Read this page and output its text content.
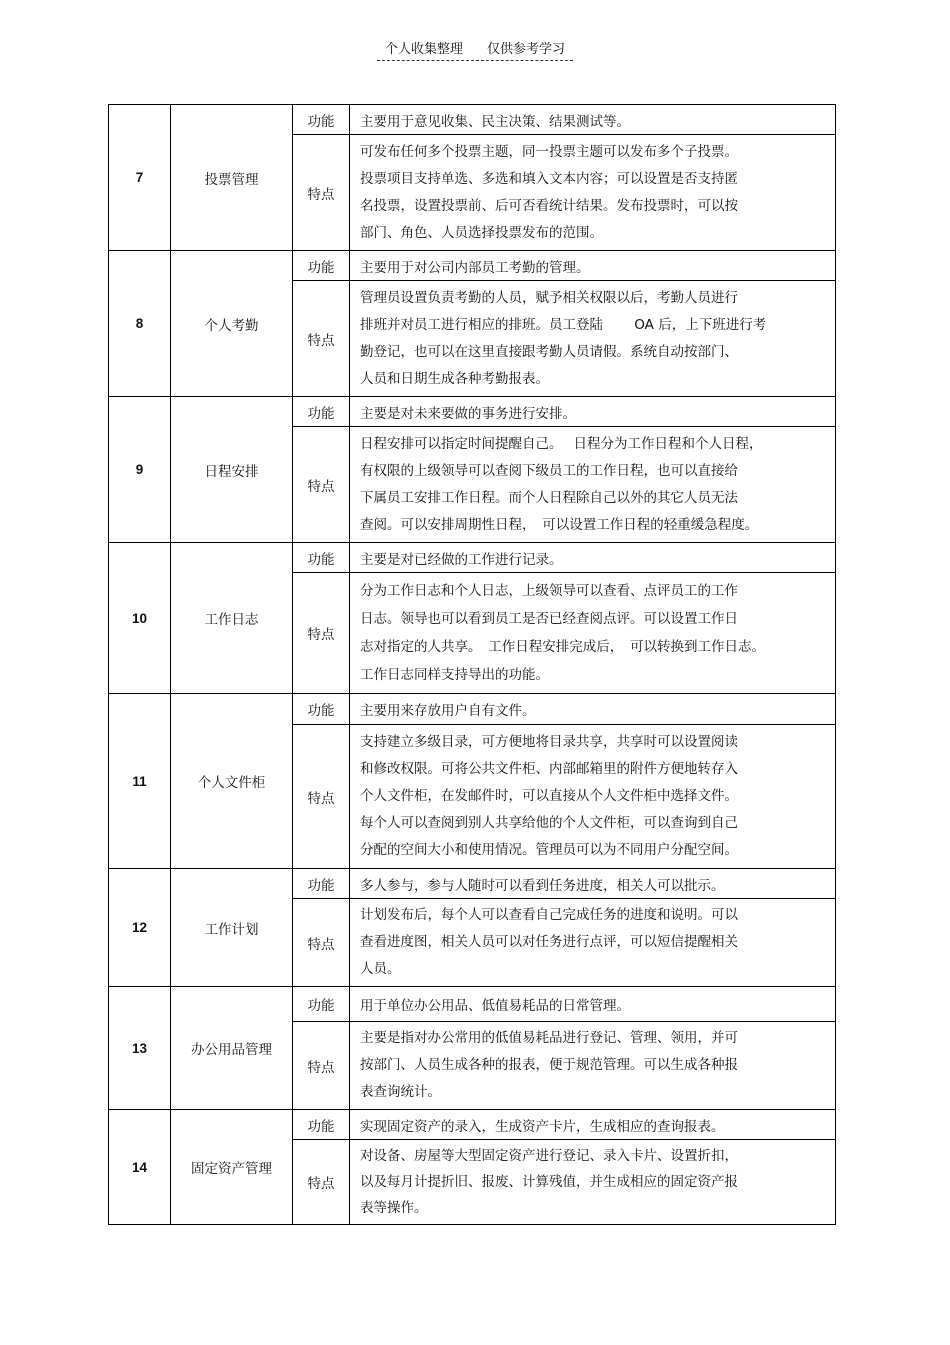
个人收集整理 仅供参考学习
7	投票管理	功能	主要用于意见收集、民主决策、结果测试等。
		特点	可发布任何多个投票主题，同一投票主题可以发布多个子投票。
投票项目支持单选、多选和填入文本内容；可以设置是否支持匿
名投票，设置投票前、后可否看统计结果。发布投票时，可以按
部门、角色、人员选择投票发布的范围。

8	个人考勤	功能	主要用于对公司内部员工考勤的管理。
		特点	管理员设置负责考勤的人员，赋予相关权限以后，考勤人员进行
排班并对员工进行相应的排班。员工登陆　　 OA 后，上下班进行考
勤登记，也可以在这里直接跟考勤人员请假。系统自动按部门、
人员和日期生成各种考勤报表。

9	日程安排	功能	主要是对未来要做的事务进行安排。
		特点	日程安排可以指定时间提醒自己。　 日程分为工作日程和个人日程，
有权限的上级领导可以查阅下级员工的工作日程，也可以直接给
下属员工安排工作日程。而个人日程除自己以外的其它人员无法
查阅。可以安排周期性日程，　可以设置工作日程的轻重缓急程度。

10	工作日志	功能	主要是对已经做的工作进行记录。
		特点	分为工作日志和个人日志，上级领导可以查看、点评员工的工作
日志。领导也可以看到员工是否已经查阅点评。可以设置工作日
志对指定的人共享。　工作日程安排完成后，　可以转换到工作日志。
工作日志同样支持导出的功能。

11	个人文件柜	功能	主要用来存放用户自有文件。
		特点	支持建立多级目录，可方便地将目录共享，共享时可以设置阅读
和修改权限。可将公共文件柜、内部邮箱里的附件方便地转存入
个人文件柜，在发邮件时，可以直接从个人文件柜中选择文件。
每个人可以查阅到别人共享给他的个人文件柜，可以查询到自己
分配的空间大小和使用情况。管理员可以为不同用户分配空间。

12	工作计划	功能	多人参与，参与人随时可以看到任务进度，相关人可以批示。
		特点	计划发布后，每个人可以查看自己完成任务的进度和说明。可以
查看进度图，相关人员可以对任务进行点评，可以短信提醒相关
人员。

13	办公用品管理	功能	用于单位办公用品、低值易耗品的日常管理。
		特点	主要是指对办公常用的低值易耗品进行登记、管理、领用，并可
按部门、人员生成各种的报表，便于规范管理。可以生成各种报
表查询统计。

14	固定资产管理	功能	实现固定资产的录入，生成资产卡片，生成相应的查询报表。
		特点	对设备、房屋等大型固定资产进行登记、录入卡片、设置折扣，
以及每月计提折旧、报废、计算残值，并生成相应的固定资产报
表等操作。
